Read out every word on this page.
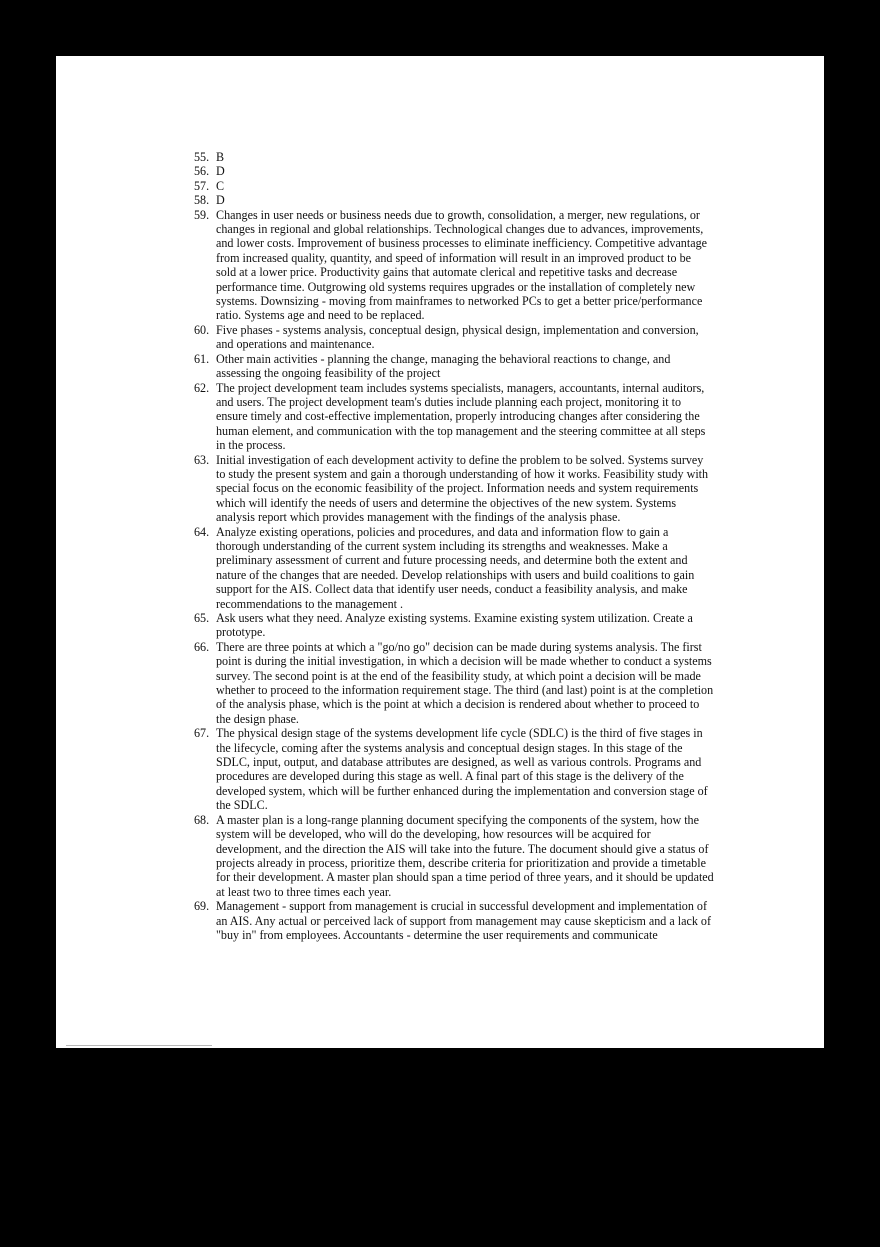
55. B
56. D
57. C
58. D
59. Changes in user needs or business needs due to growth, consolidation, a merger, new regulations, or changes in regional and global relationships. Technological changes due to advances, improvements, and lower costs. Improvement of business processes to eliminate inefficiency. Competitive advantage from increased quality, quantity, and speed of information will result in an improved product to be sold at a lower price. Productivity gains that automate clerical and repetitive tasks and decrease performance time. Outgrowing old systems requires upgrades or the installation of completely new systems. Downsizing - moving from mainframes to networked PCs to get a better price/performance ratio. Systems age and need to be replaced.
60. Five phases - systems analysis, conceptual design, physical design, implementation and conversion, and operations and maintenance.
61. Other main activities - planning the change, managing the behavioral reactions to change, and assessing the ongoing feasibility of the project
62. The project development team includes systems specialists, managers, accountants, internal auditors, and users. The project development team's duties include planning each project, monitoring it to ensure timely and cost-effective implementation, properly introducing changes after considering the human element, and communication with the top management and the steering committee at all steps in the process.
63. Initial investigation of each development activity to define the problem to be solved. Systems survey to study the present system and gain a thorough understanding of how it works. Feasibility study with special focus on the economic feasibility of the project. Information needs and system requirements which will identify the needs of users and determine the objectives of the new system. Systems analysis report which provides management with the findings of the analysis phase.
64. Analyze existing operations, policies and procedures, and data and information flow to gain a thorough understanding of the current system including its strengths and weaknesses. Make a preliminary assessment of current and future processing needs, and determine both the extent and nature of the changes that are needed. Develop relationships with users and build coalitions to gain support for the AIS. Collect data that identify user needs, conduct a feasibility analysis, and make recommendations to the management .
65. Ask users what they need. Analyze existing systems. Examine existing system utilization. Create a prototype.
66. There are three points at which a "go/no go" decision can be made during systems analysis. The first point is during the initial investigation, in which a decision will be made whether to conduct a systems survey. The second point is at the end of the feasibility study, at which point a decision will be made whether to proceed to the information requirement stage. The third (and last) point is at the completion of the analysis phase, which is the point at which a decision is rendered about whether to proceed to the design phase.
67. The physical design stage of the systems development life cycle (SDLC) is the third of five stages in the lifecycle, coming after the systems analysis and conceptual design stages. In this stage of the SDLC, input, output, and database attributes are designed, as well as various controls. Programs and procedures are developed during this stage as well. A final part of this stage is the delivery of the developed system, which will be further enhanced during the implementation and conversion stage of the SDLC.
68. A master plan is a long-range planning document specifying the components of the system, how the system will be developed, who will do the developing, how resources will be acquired for development, and the direction the AIS will take into the future. The document should give a status of projects already in process, prioritize them, describe criteria for prioritization and provide a timetable for their development. A master plan should span a time period of three years, and it should be updated at least two to three times each year.
69. Management - support from management is crucial in successful development and implementation of an AIS. Any actual or perceived lack of support from management may cause skepticism and a lack of "buy in" from employees. Accountants - determine the user requirements and communicate
